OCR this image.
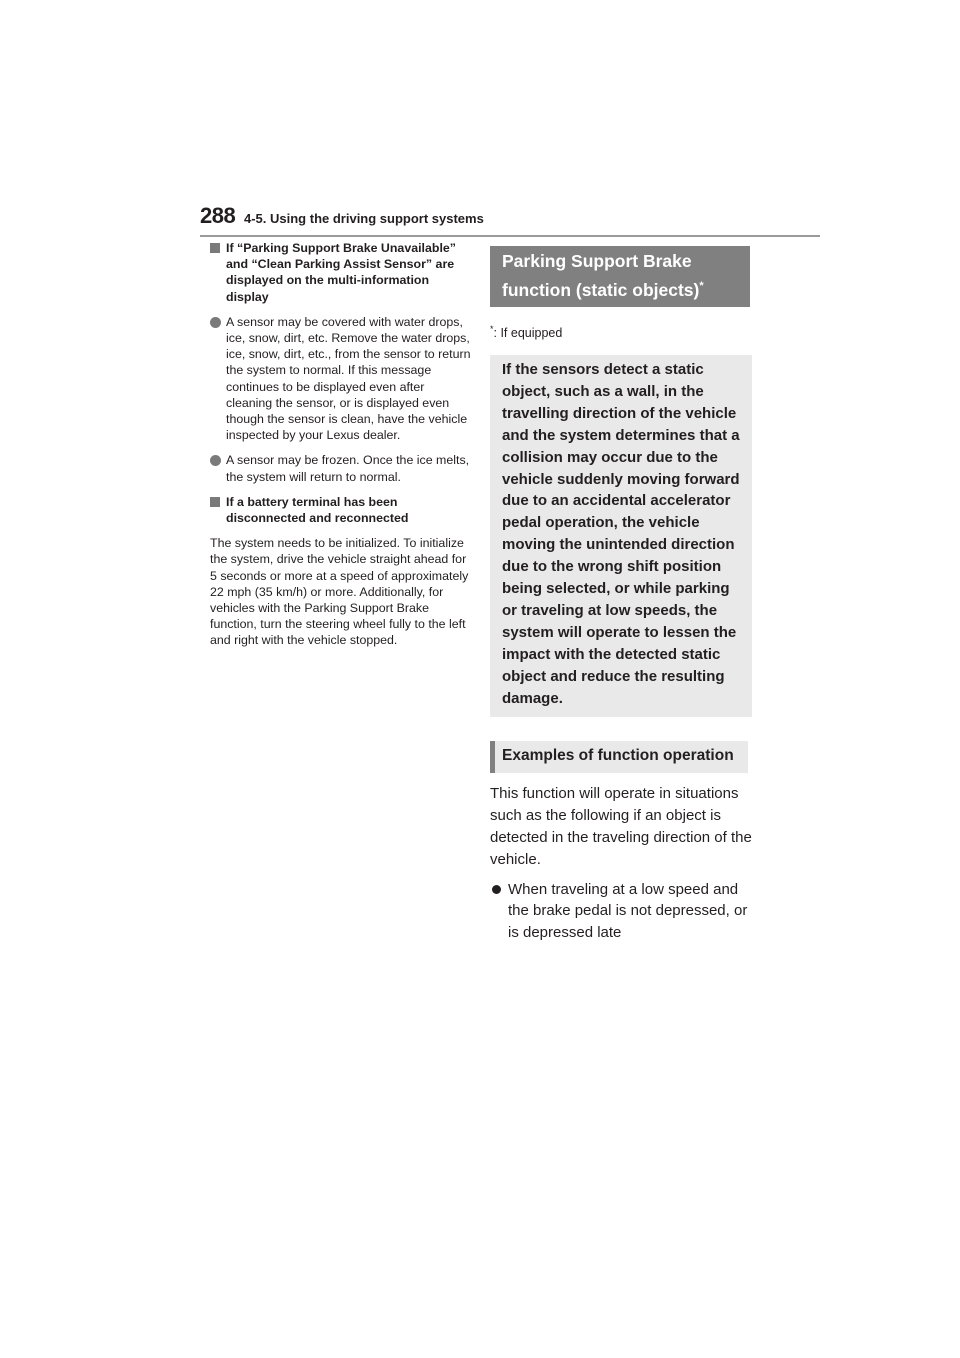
288 4-5. Using the driving support systems
If “Parking Support Brake Unavailable” and “Clean Parking Assist Sensor” are displayed on the multi-information display
A sensor may be covered with water drops, ice, snow, dirt, etc. Remove the water drops, ice, snow, dirt, etc., from the sensor to return the system to normal. If this message continues to be displayed even after cleaning the sensor, or is displayed even though the sensor is clean, have the vehicle inspected by your Lexus dealer.
A sensor may be frozen. Once the ice melts, the system will return to normal.
If a battery terminal has been disconnected and reconnected

The system needs to be initialized. To initialize the system, drive the vehicle straight ahead for 5 seconds or more at a speed of approximately 22 mph (35 km/h) or more. Additionally, for vehicles with the Parking Support Brake function, turn the steering wheel fully to the left and right with the vehicle stopped.

Parking Support Brake function (static objects)*
*: If equipped
If the sensors detect a static object, such as a wall, in the travelling direction of the vehicle and the system determines that a collision may occur due to the vehicle suddenly moving forward due to an accidental accelerator pedal operation, the vehicle moving the unintended direction due to the wrong shift position being selected, or while parking or traveling at low speeds, the system will operate to lessen the impact with the detected static object and reduce the resulting damage.
Examples of function operation
This function will operate in situations such as the following if an object is detected in the traveling direction of the vehicle.
When traveling at a low speed and the brake pedal is not depressed, or is depressed late
